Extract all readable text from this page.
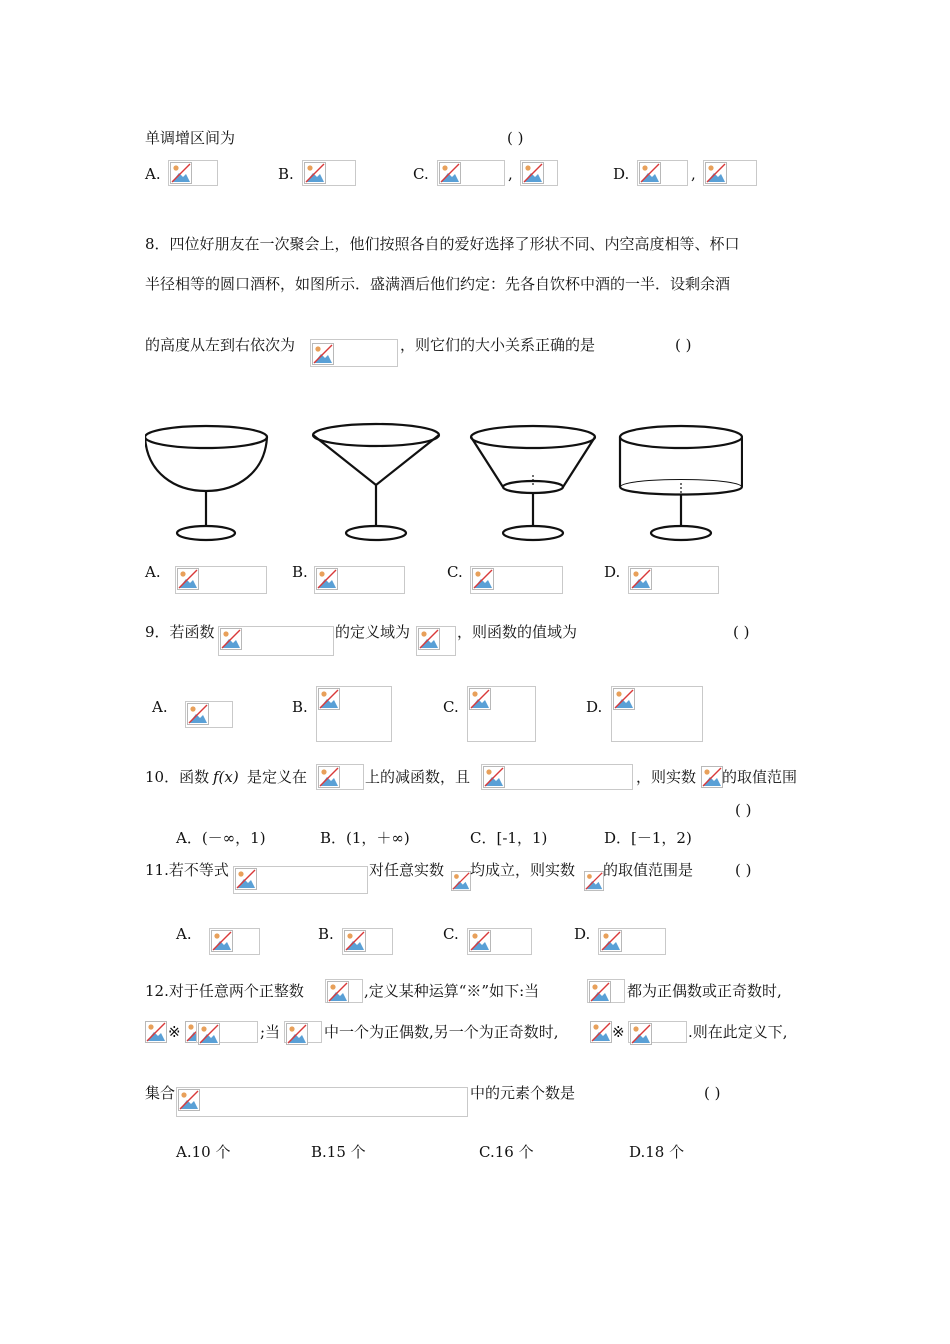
单调增区间为	( )
A.	B.	C.	,	D.	,
8．四位好朋友在一次聚会上，他们按照各自的爱好选择了形状不同、内空高度相等、杯口
半径相等的圆口酒杯，如图所示．盛满酒后他们约定：先各自饮杯中酒的一半．设剩余酒
的高度从左到右依次为	，则它们的大小关系正确的是	( )
A.	B.	C.	D.
9．若函数	的定义域为	，则函数的值域为	( )
A.	B.	C.	D.
10．函数 f(x) 是定义在	上的减函数，且	，则实数 的取值范围
( )
A．(－∞，1)	B．(1，＋∞)	C．[-1，1)	D．[－1，2)
11.若不等式	对任意实数 均成立，则实数 的取值范围是	( )
A.	B.	C.	D.
12.对于任意两个正整数	,定义某种运算“※”如下:当	都为正偶数或正奇数时,
※	;当	中一个为正偶数,另一个为正奇数时,	※	.则在此定义下,
集合	中的元素个数是	( )
A.10 个	B.15 个	C.16 个	D.18 个
